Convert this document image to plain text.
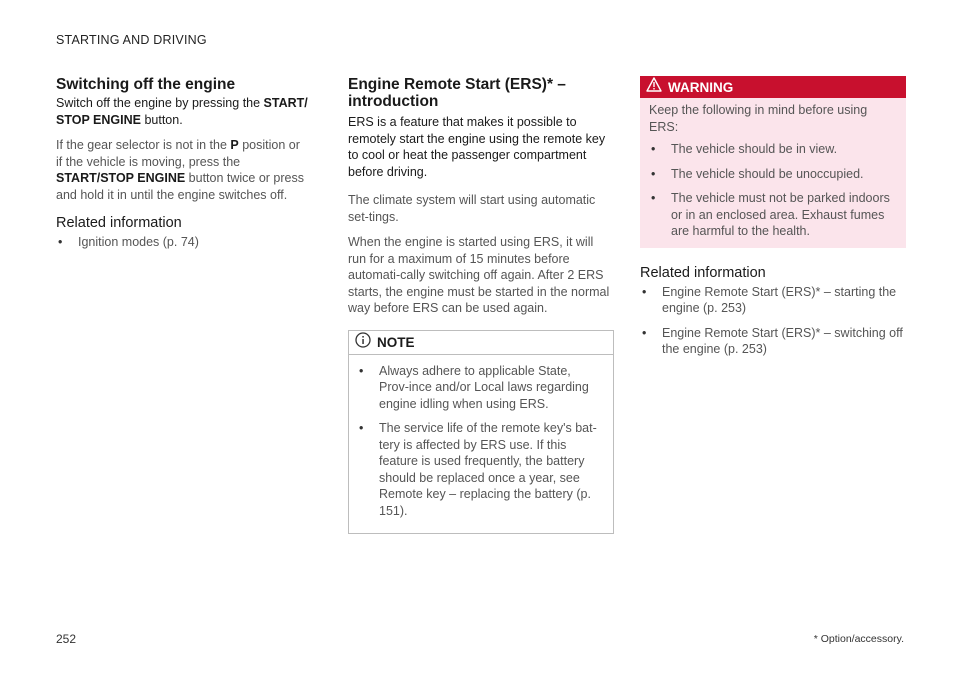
STARTING AND DRIVING
Switching off the engine

Switch off the engine by pressing the START/ STOP ENGINE button.

If the gear selector is not in the P position or if the vehicle is moving, press the START/STOP ENGINE button twice or press and hold it in until the engine switches off.

Related information
• Ignition modes (p. 74)
Engine Remote Start (ERS)* – introduction

ERS is a feature that makes it possible to remotely start the engine using the remote key to cool or heat the passenger compartment before driving.

The climate system will start using automatic set-tings.

When the engine is started using ERS, it will run for a maximum of 15 minutes before automati-cally switching off again. After 2 ERS starts, the engine must be started in the normal way before ERS can be used again.

NOTE
• Always adhere to applicable State, Prov-ince and/or Local laws regarding engine idling when using ERS.
• The service life of the remote key's bat-tery is affected by ERS use. If this feature is used frequently, the battery should be replaced once a year, see Remote key – replacing the battery (p. 151).
WARNING

Keep the following in mind before using ERS:

• The vehicle should be in view.
• The vehicle should be unoccupied.
• The vehicle must not be parked indoors or in an enclosed area. Exhaust fumes are harmful to the health.
Related information
• Engine Remote Start (ERS)* – starting the engine (p. 253)
• Engine Remote Start (ERS)* – switching off the engine (p. 253)
252	* Option/accessory.
